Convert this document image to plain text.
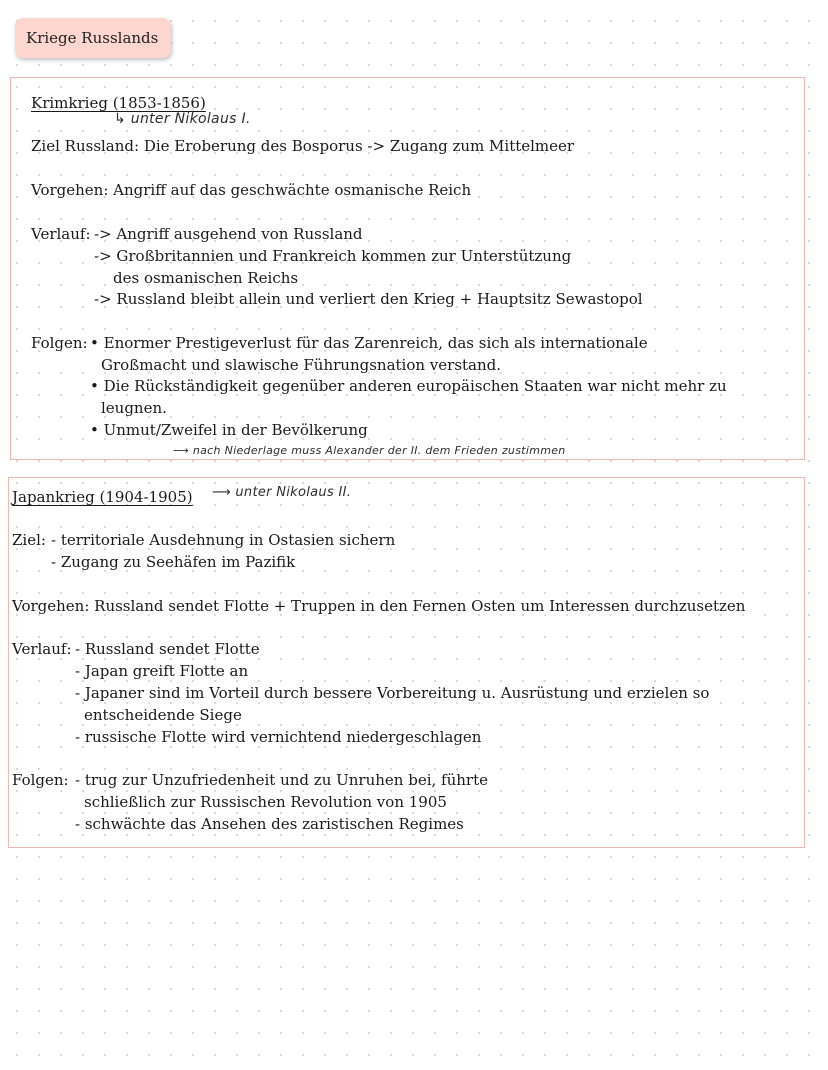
Kriege Russlands
Krimkrieg (1853-1856)
↳ unter Nikolaus I.
Ziel Russland: Die Eroberung des Bosporus -> Zugang zum Mittelmeer
Vorgehen: Angriff auf das geschwächte osmanische Reich
Verlauf: -> Angriff ausgehend von Russland
-> Großbritannien und Frankreich kommen zur Unterstützung
des osmanischen Reichs
-> Russland bleibt allein und verliert den Krieg + Hauptsitz Sewastopol
Folgen: • Enormer Prestigeverlust für das Zarenreich, das sich als internationale
Großmacht und slawische Führungsnation verstand.
• Die Rückständigkeit gegenüber anderen europäischen Staaten war nicht mehr zu
leugnen.
• Unmut/Zweifel in der Bevölkerung
⟶ nach Niederlage muss Alexander der II. dem Frieden zustimmen
Japankrieg (1904-1905) ⟶ unter Nikolaus II.
Ziel: - territoriale Ausdehnung in Ostasien sichern
- Zugang zu Seehäfen im Pazifik
Vorgehen: Russland sendet Flotte + Truppen in den Fernen Osten um Interessen durchzusetzen
Verlauf: - Russland sendet Flotte
- Japan greift Flotte an
- Japaner sind im Vorteil durch bessere Vorbereitung u. Ausrüstung und erzielen so
entscheidende Siege
- russische Flotte wird vernichtend niedergeschlagen
Folgen: - trug zur Unzufriedenheit und zu Unruhen bei, führte
schließlich zur Russischen Revolution von 1905
- schwächte das Ansehen des zaristischen Regimes
